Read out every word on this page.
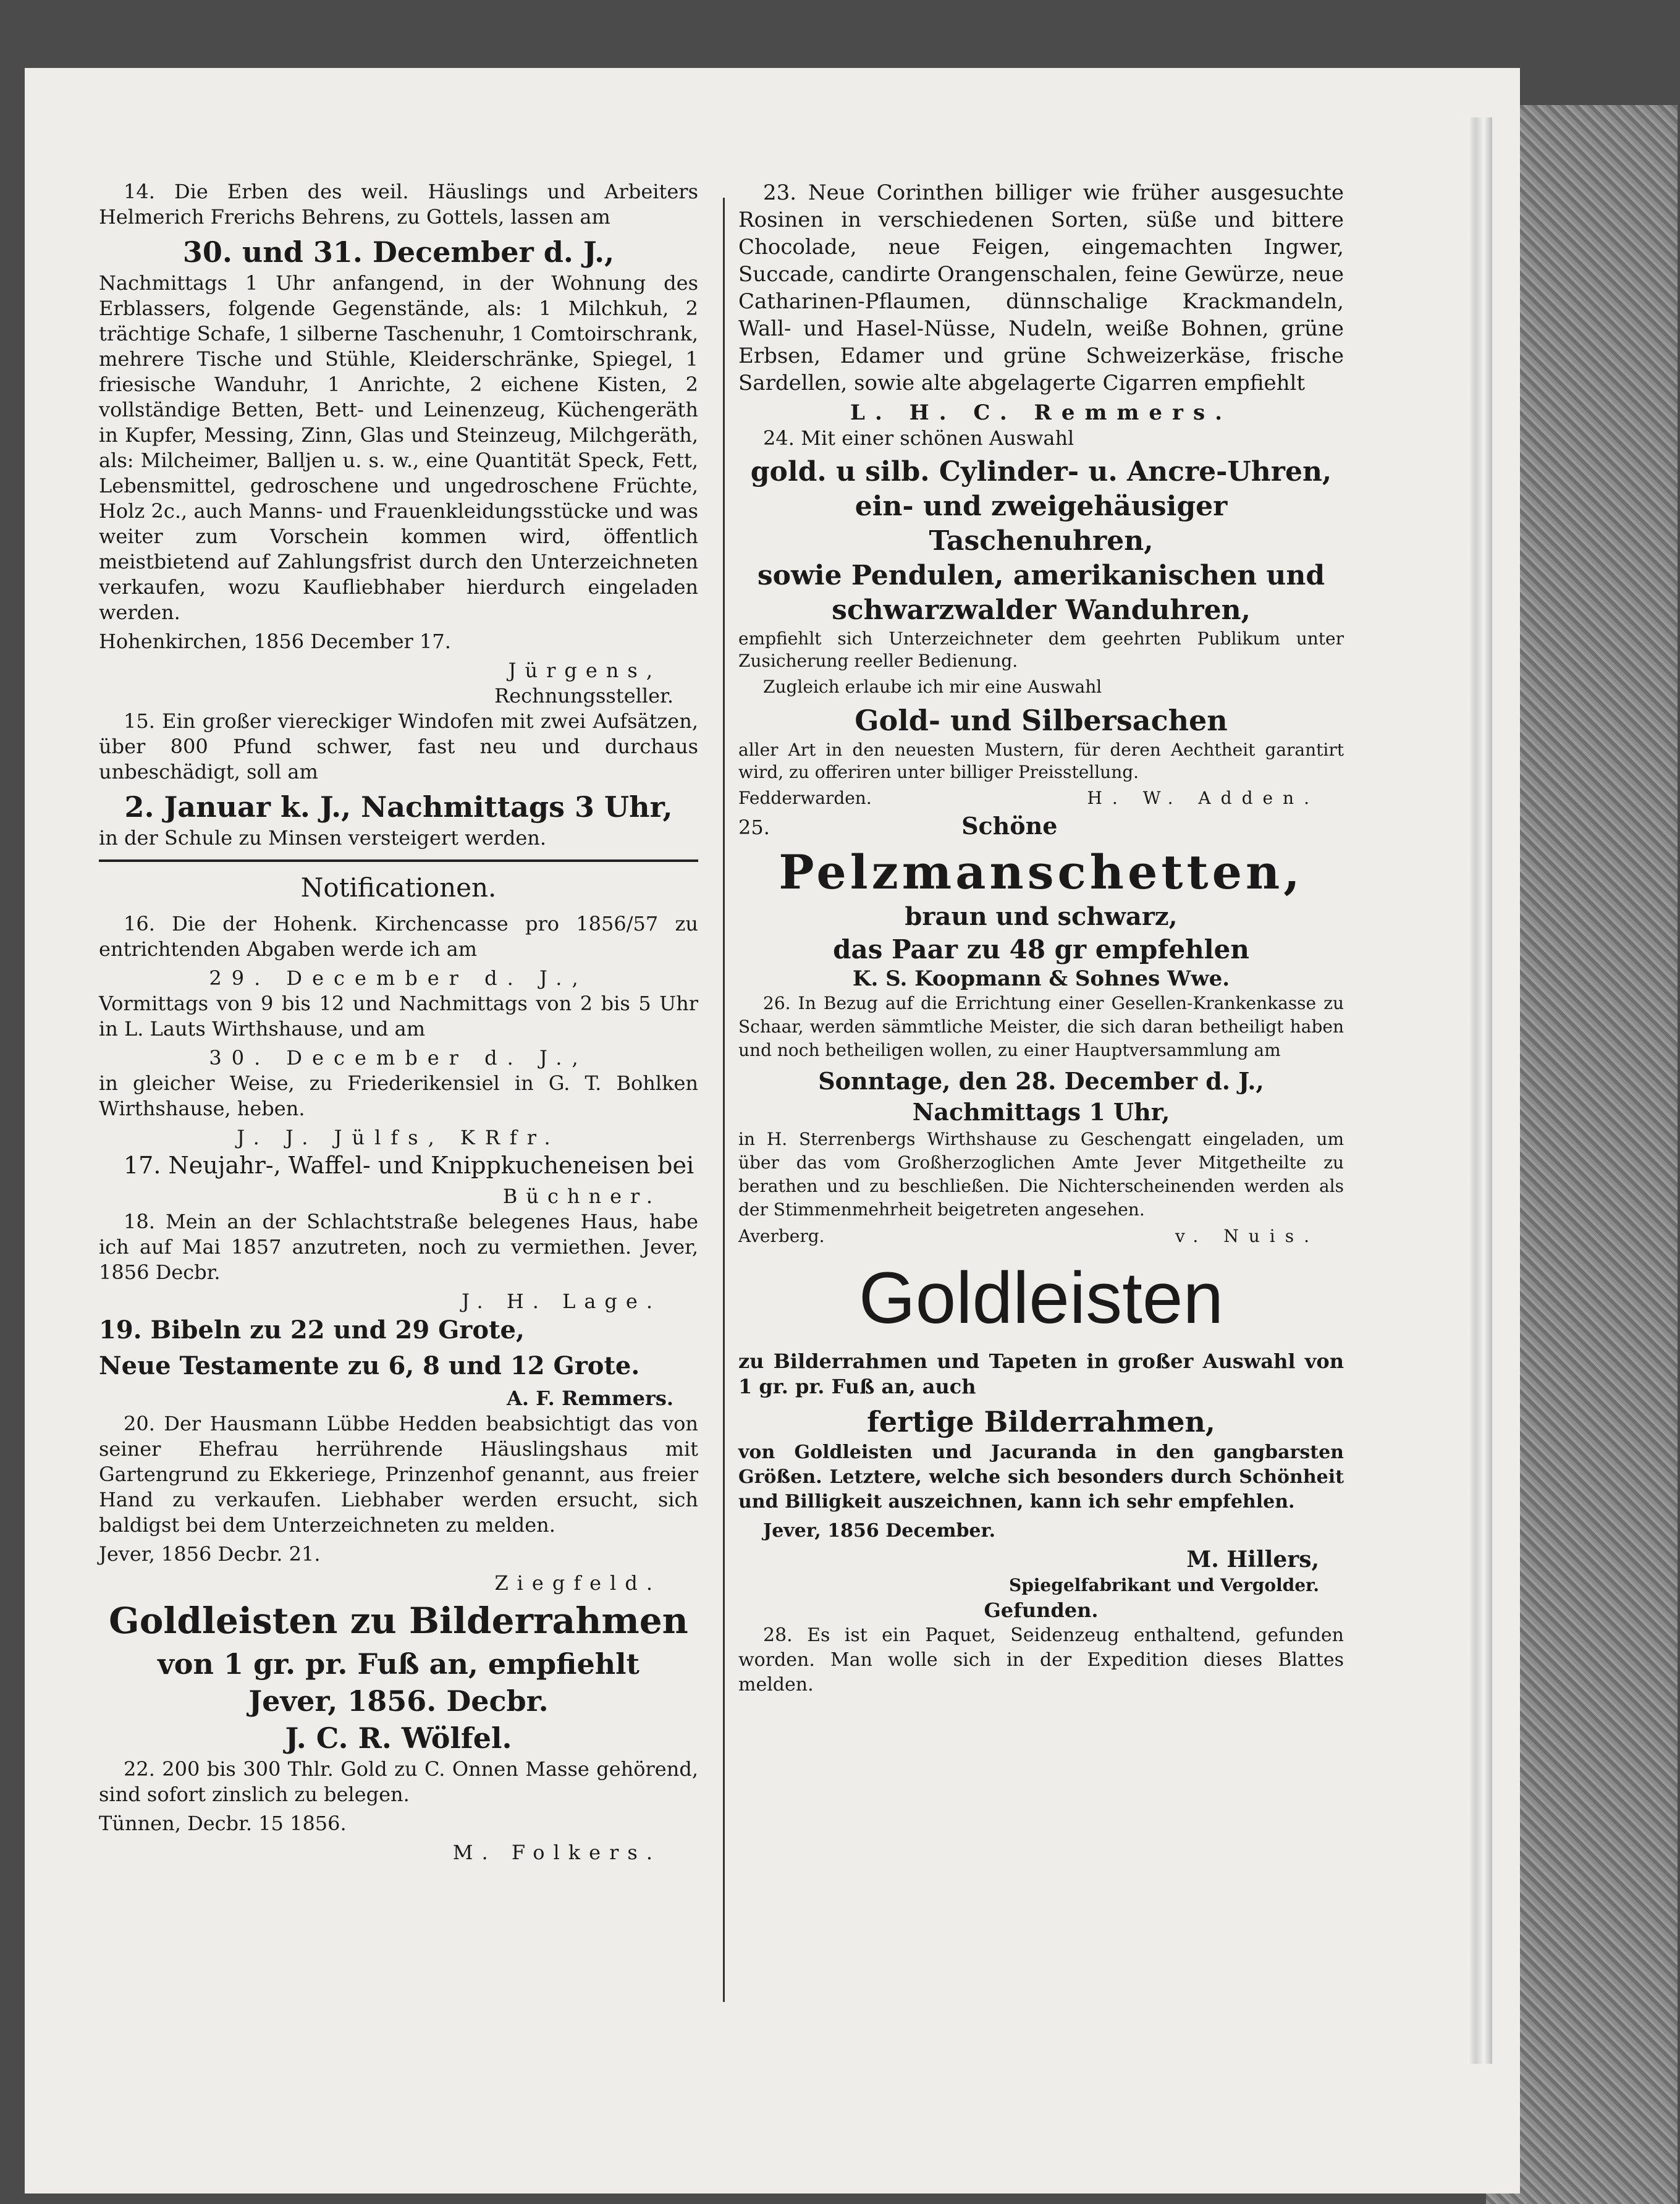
14. Die Erben des weil. Häuslings und Arbeiters Helmerich Frerichs Behrens, zu Gottels, lassen am
30. und 31. December d. J.,
Nachmittags 1 Uhr anfangend, in der Wohnung des Erblassers, folgende Gegenstände, als: 1 Milchkuh, 2 trächtige Schafe, 1 silberne Taschenuhr, 1 Comtoirschrank, mehrere Tische und Stühle, Kleiderschränke, Spiegel, 1 friesische Wanduhr, 1 Anrichte, 2 eichene Kisten, 2 vollständige Betten, Bett- und Leinenzeug, Küchengeräth in Kupfer, Messing, Zinn, Glas und Steinzeug, Milchgeräth, als: Milcheimer, Balljen u. s. w., eine Quantität Speck, Fett, Lebensmittel, gedroschene und ungedroschene Früchte, Holz 2c., auch Manns- und Frauenkleidungsstücke und was weiter zum Vorschein kommen wird, öffentlich meistbietend auf Zahlungsfrist durch den Unterzeichneten verkaufen, wozu Kaufliebhaber hierdurch eingeladen werden.
Hohenkirchen, 1856 December 17.
Jürgens,
Rechnungssteller.
15. Ein großer viereckiger Windofen mit zwei Aufsätzen, über 800 Pfund schwer, fast neu und durchaus unbeschädigt, soll am
2. Januar k. J., Nachmittags 3 Uhr,
in der Schule zu Minsen versteigert werden.
Notificationen.
16. Die der Hohenk. Kirchencasse pro 1856/57 zu entrichtenden Abgaben werde ich am
29. December d. J.,
Vormittags von 9 bis 12 und Nachmittags von 2 bis 5 Uhr in L. Lauts Wirthshause, und am
30. December d. J.,
in gleicher Weise, zu Friederikensiel in G. T. Bohlken Wirthshause, heben.
J. J. Jülfs, KRfr.
17. Neujahr-, Waffel- und Knippkucheneisen bei
Büchner.
18. Mein an der Schlachtstraße belegenes Haus, habe ich auf Mai 1857 anzutreten, noch zu vermiethen. Jever, 1856 Decbr.
J. H. Lage.
19. Bibeln zu 22 und 29 Grote,
Neue Testamente zu 6, 8 und 12 Grote.
A. F. Remmers.
20. Der Hausmann Lübbe Hedden beabsichtigt das von seiner Ehefrau herrührende Häuslingshaus mit Gartengrund zu Ekkeriege, Prinzenhof genannt, aus freier Hand zu verkaufen. Liebhaber werden ersucht, sich baldigst bei dem Unterzeichneten zu melden.
Jever, 1856 Decbr. 21.
Ziegfeld.
Goldleisten zu Bilderrahmen
von 1 gr. pr. Fuß an, empfiehlt
Jever, 1856. Decbr.
J. C. R. Wölfel.
22. 200 bis 300 Thlr. Gold zu C. Onnen Masse gehörend, sind sofort zinslich zu belegen.
Tünnen, Decbr. 15 1856.
M. Folkers.
23. Neue Corinthen billiger wie früher ausgesuchte Rosinen in verschiedenen Sorten, süße und bittere Chocolade, neue Feigen, eingemachten Ingwer, Succade, candirte Orangenschalen, feine Gewürze, neue Catharinen-Pflaumen, dünnschalige Krackmandeln, Wall- und Hasel-Nüsse, Nudeln, weiße Bohnen, grüne Erbsen, Edamer und grüne Schweizerkäse, frische Sardellen, sowie alte abgelagerte Cigarren empfiehlt
L. H. C. Remmers.
24. Mit einer schönen Auswahl
gold. u silb. Cylinder- u. Ancre-Uhren,
ein- und zweigehäusiger Taschenuhren,
sowie Pendulen, amerikanischen und
schwarzwalder Wanduhren,
empfiehlt sich Unterzeichneter dem geehrten Publikum unter Zusicherung reeller Bedienung.
Zugleich erlaube ich mir eine Auswahl
Gold- und Silbersachen
aller Art in den neuesten Mustern, für deren Aechtheit garantirt wird, zu offeriren unter billiger Preisstellung.
Fedderwarden.	H. W. Adden.
25.	Schöne
Pelzmanschetten,
braun und schwarz,
das Paar zu 48 gr empfehlen
K. S. Koopmann & Sohnes Wwe.
26. In Bezug auf die Errichtung einer Gesellen-Krankenkasse zu Schaar, werden sämmtliche Meister, die sich daran betheiligt haben und noch betheiligen wollen, zu einer Hauptversammlung am
Sonntage, den 28. December d. J.,
Nachmittags 1 Uhr,
in H. Sterrenbergs Wirthshause zu Geschengatt eingeladen, um über das vom Großherzoglichen Amte Jever Mitgetheilte zu berathen und zu beschließen. Die Nichterscheinenden werden als der Stimmenmehrheit beigetreten angesehen.
Averberg.	v. Nuis.
Goldleisten
zu Bilderrahmen und Tapeten in großer Auswahl von 1 gr. pr. Fuß an, auch
fertige Bilderrahmen,
von Goldleisten und Jacuranda in den gangbarsten Größen. Letztere, welche sich besonders durch Schönheit und Billigkeit auszeichnen, kann ich sehr empfehlen.
Jever, 1856 December.
M. Hillers,
Spiegelfabrikant und Vergolder.
Gefunden.
28. Es ist ein Paquet, Seidenzeug enthaltend, gefunden worden. Man wolle sich in der Expedition dieses Blattes melden.
